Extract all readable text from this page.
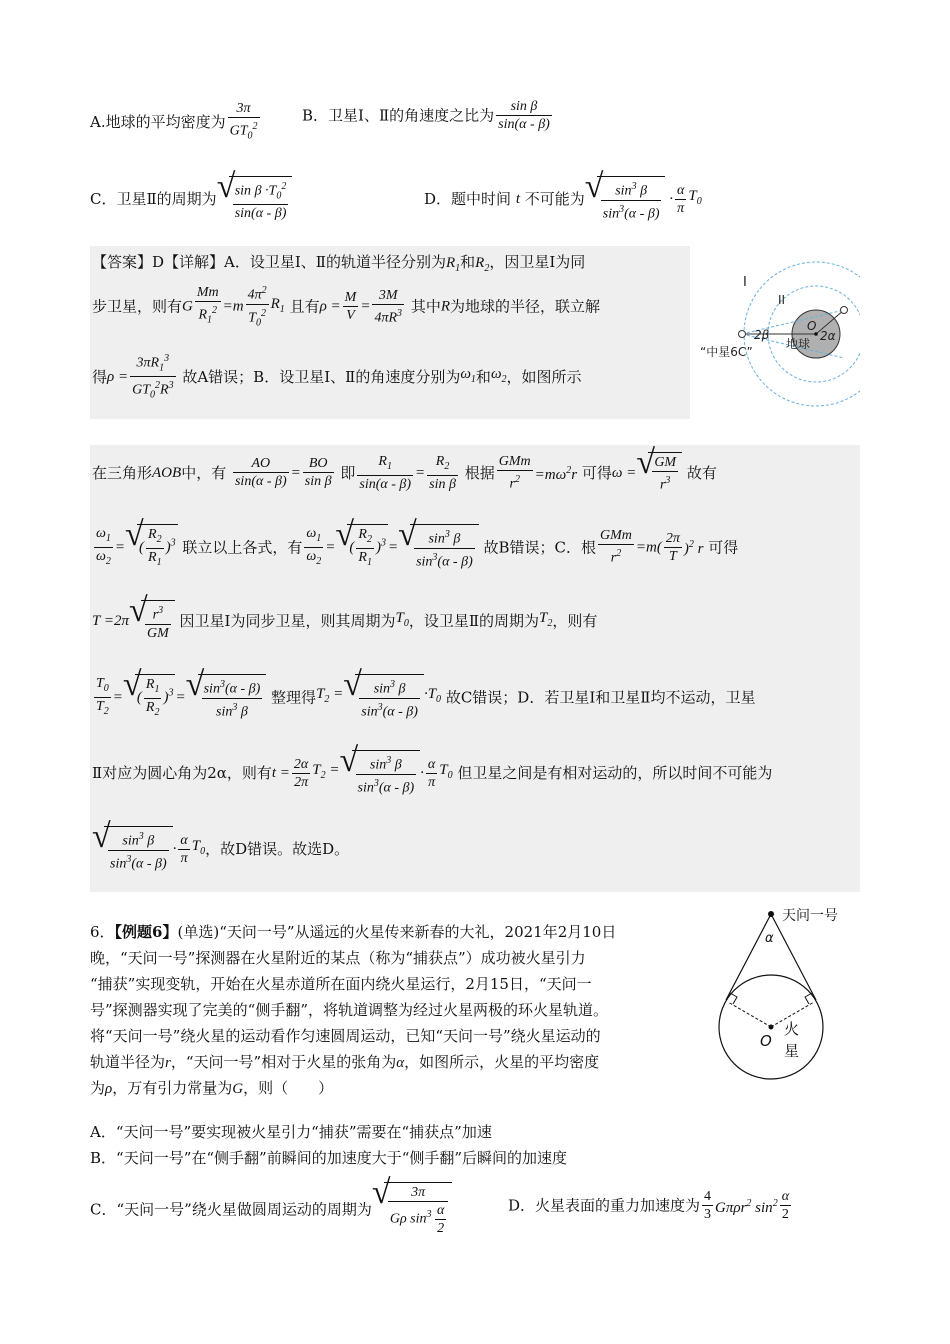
A.地球的平均密度为 $\frac{3\pi}{GT_0^2}$	B．卫星Ⅰ、Ⅱ的角速度之比为 $\frac{\text{sin β}}{\sin(\alpha - \beta)}$
C．卫星Ⅱ的周期为 √ $\frac{\sin \beta \cdot T_0^2}{\sin(\alpha - \beta)}$	D．题中时间 t 不可能为 √ $\frac{\sin^3 \beta}{\sin^3(\alpha - \beta)} \cdot \frac{\alpha}{\pi} T_0$
【答案】D【详解】A．设卫星Ⅰ、Ⅱ的轨道半径分别为$R_1$和$R_2$，因卫星Ⅰ为同
步卫星，则有G $\frac{Mm}{R_1^2} =m \frac{4\pi^2}{T_0^2} R_1$ 且有$\rho = \frac{M}{V} = \frac{3M}{4\pi R^3}$ 其中R为地球的半径，联立解
得$\rho = \frac{3\pi R_1^3}{GT_0^2R^3}$ 故A错误；B．设卫星Ⅰ、Ⅱ的角速度分别为$\omega_1$和$\omega_2$，如图所示
I
II
2β	2α
O
“中星6C”
地球
在三角形AOB中，有 $\frac{AO}{\sin(\alpha - \beta)} = \frac{BO}{\text{sin β}}$ 即 $\frac{R_1}{\sin(\alpha - \beta)} = \frac{R_2}{\text{sin β}}$ 根据 $\frac{\text{GMm}}{r^2} =m\omega^2r$ 可得ω = √ $\frac{GM}{r^3}$ 故有
$\frac{\omega_1}{\omega_2}$ = √ ( $\frac{R_2}{R_1} )^3$ 联立以上各式，有 $\frac{\omega_1}{\omega_2}$ = √ ( $\frac{R_2}{R_1} )^3$ = √ $\frac{\sin^3 \beta}{\sin^3(\alpha - \beta)}$ 故B错误；C．根 $\frac{\text{GMm}}{r^2} =m( \frac{2\pi}{T} )^2$ r 可得
T =2π √ $\frac{r^3}{GM}$ 因卫星Ⅰ为同步卫星，则其周期为$T_0$，设卫星Ⅱ的周期为$T_2$，则有
$\frac{T_0}{T_2}$ = √ ( $\frac{R_1}{R_2} )^3$ = √ $\frac{\sin^3(\alpha - \beta)}{\sin^3 \beta}$ 整理得$T_2$ = √ $\frac{\sin^3 \beta}{\sin^3(\alpha - \beta)} \cdot T_0$ 故C错误；D．若卫星Ⅰ和卫星Ⅱ均不运动，卫星
Ⅱ对应为圆心角为2α，则有$t = \frac{2\alpha}{2\pi} T_2$ = √ $\frac{\sin^3 \beta}{\sin^3(\alpha - \beta)} \cdot \frac{\alpha}{\pi} T_0$ 但卫星之间是有相对运动的，所以时间不可能为
√ $\frac{\sin^3 \beta}{\sin^3(\alpha - \beta)} \cdot \frac{\alpha}{\pi} T_0$，故D错误。故选D。
6．【例题6】(单选)“天问一号”从遥远的火星传来新春的大礼，2021年2月10日
晚，“天问一号”探测器在火星附近的某点（称为“捕获点”）成功被火星引力
“捕获”实现变轨，开始在火星赤道所在面内绕火星运行，2月15日，“天问一
号”探测器实现了完美的“侧手翻”，将轨道调整为经过火星两极的环火星轨道。
将“天问一号”绕火星的运动看作匀速圆周运动，已知“天问一号”绕火星运动的
轨道半径为r，“天问一号”相对于火星的张角为α，如图所示，火星的平均密度
为ρ，万有引力常量为G，则（　　）
A．“天问一号”要实现被火星引力“捕获”需要在“捕获点”加速
B．“天问一号”在“侧手翻”前瞬间的加速度大于“侧手翻”后瞬间的加速度
C．“天问一号”绕火星做圆周运动的周期为 √ $\frac{3\pi}{G\rho \sin^3 \frac{\alpha}{2}}$	D．火星表面的重力加速度为 $\frac{4}{3} G\pi\rho r^2$ $\sin^2 \frac{\alpha}{2}$
天问一号
α
O
火
星
